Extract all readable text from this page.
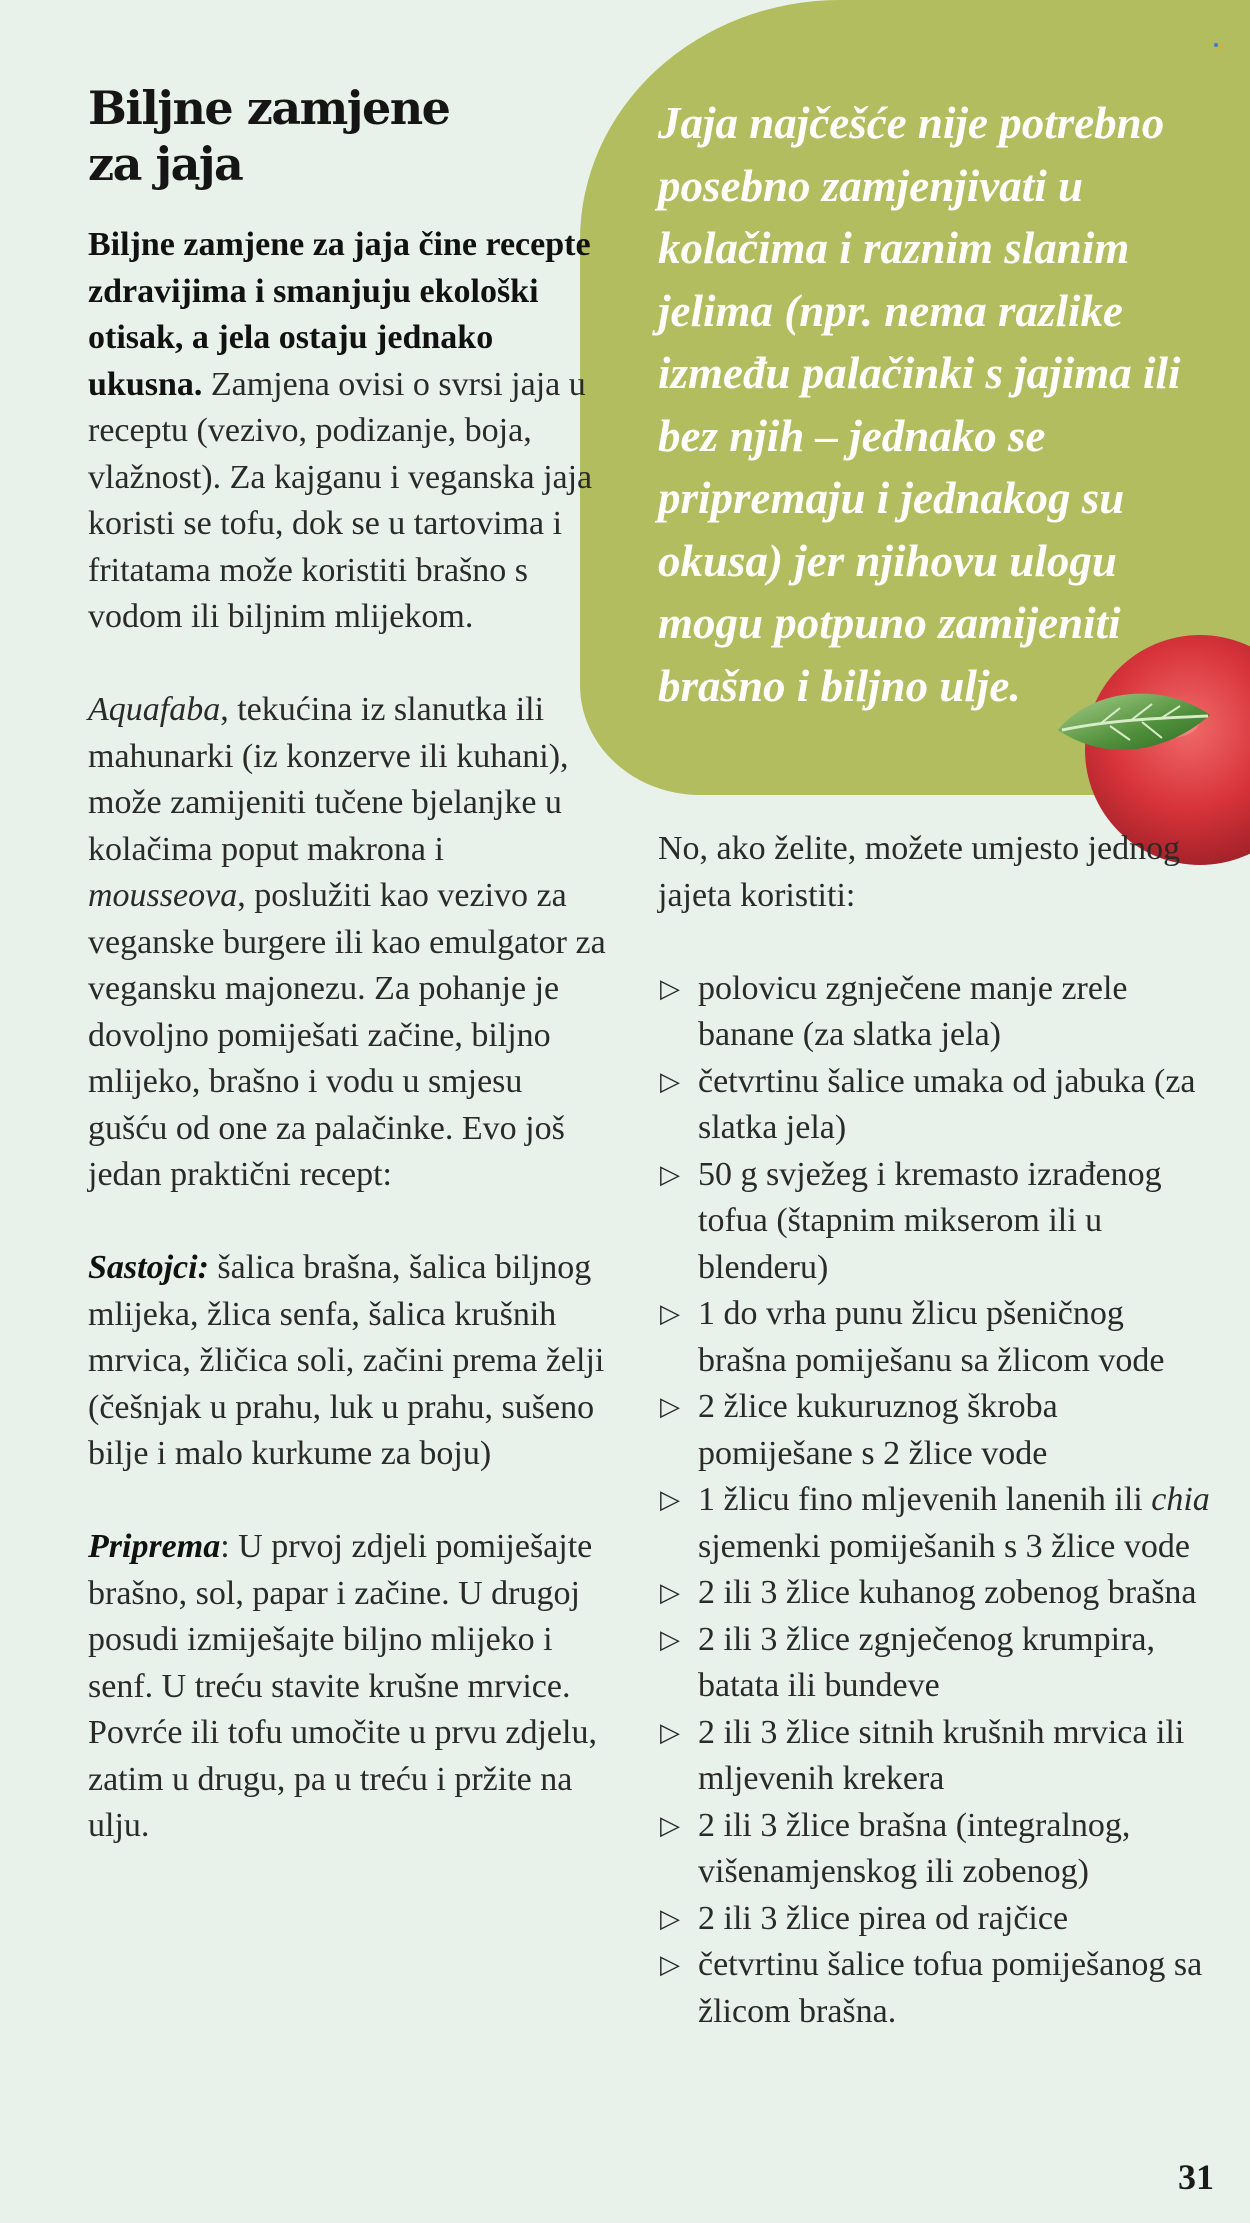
Jaja najčešće nije potrebno posebno zamjenjivati u kolačima i raznim slanim jelima (npr. nema razlike između palačinki s jajima ili bez njih – jednako se pripremaju i jednakog su okusa) jer njihovu ulogu mogu potpuno zamijeniti brašno i biljno ulje.

Biljne zamjene za jaja

Biljne zamjene za jaja čine recepte zdravijima i smanjuju ekološki otisak, a jela ostaju jednako ukusna. Zamjena ovisi o svrsi jaja u receptu (vezivo, podizanje, boja, vlažnost). Za kajganu i veganska jaja koristi se tofu, dok se u tartovima i fritatama može koristiti brašno s vodom ili biljnim mlijekom.

Aquafaba, tekućina iz slanutka ili mahunarki (iz konzerve ili kuhani), može zamijeniti tučene bjelanjke u kolačima poput makrona i mousseova, poslužiti kao vezivo za veganske burgere ili kao emulgator za vegansku majonezu. Za pohanje je dovoljno pomiješati začine, biljno mlijeko, brašno i vodu u smjesu gušću od one za palačinke. Evo još jedan praktični recept:

Sastojci: šalica brašna, šalica biljnog mlijeka, žlica senfa, šalica krušnih mrvica, žličica soli, začini prema želji (češnjak u prahu, luk u prahu, sušeno bilje i malo kurkume za boju)

Priprema: U prvoj zdjeli pomiješajte brašno, sol, papar i začine. U drugoj posudi izmiješajte biljno mlijeko i senf. U treću stavite krušne mrvice. Povrće ili tofu umočite u prvu zdjelu, zatim u drugu, pa u treću i pržite na ulju.

No, ako želite, možete umjesto jednog jajeta koristiti:

▷ polovicu zgnječene manje zrele banane (za slatka jela)
▷ četvrtinu šalice umaka od jabuka (za slatka jela)
▷ 50 g svježeg i kremasto izrađenog tofua (štapnim mikserom ili u blenderu)
▷ 1 do vrha punu žlicu pšeničnog brašna pomiješanu sa žlicom vode
▷ 2 žlice kukuruznog škroba pomiješane s 2 žlice vode
▷ 1 žlicu fino mljevenih lanenih ili chia sjemenki pomiješanih s 3 žlice vode
▷ 2 ili 3 žlice kuhanog zobenog brašna
▷ 2 ili 3 žlice zgnječenog krumpira, batata ili bundeve
▷ 2 ili 3 žlice sitnih krušnih mrvica ili mljevenih krekera
▷ 2 ili 3 žlice brašna (integralnog, višenamjenskog ili zobenog)
▷ 2 ili 3 žlice pirea od rajčice
▷ četvrtinu šalice tofua pomiješanog sa žlicom brašna.
31
